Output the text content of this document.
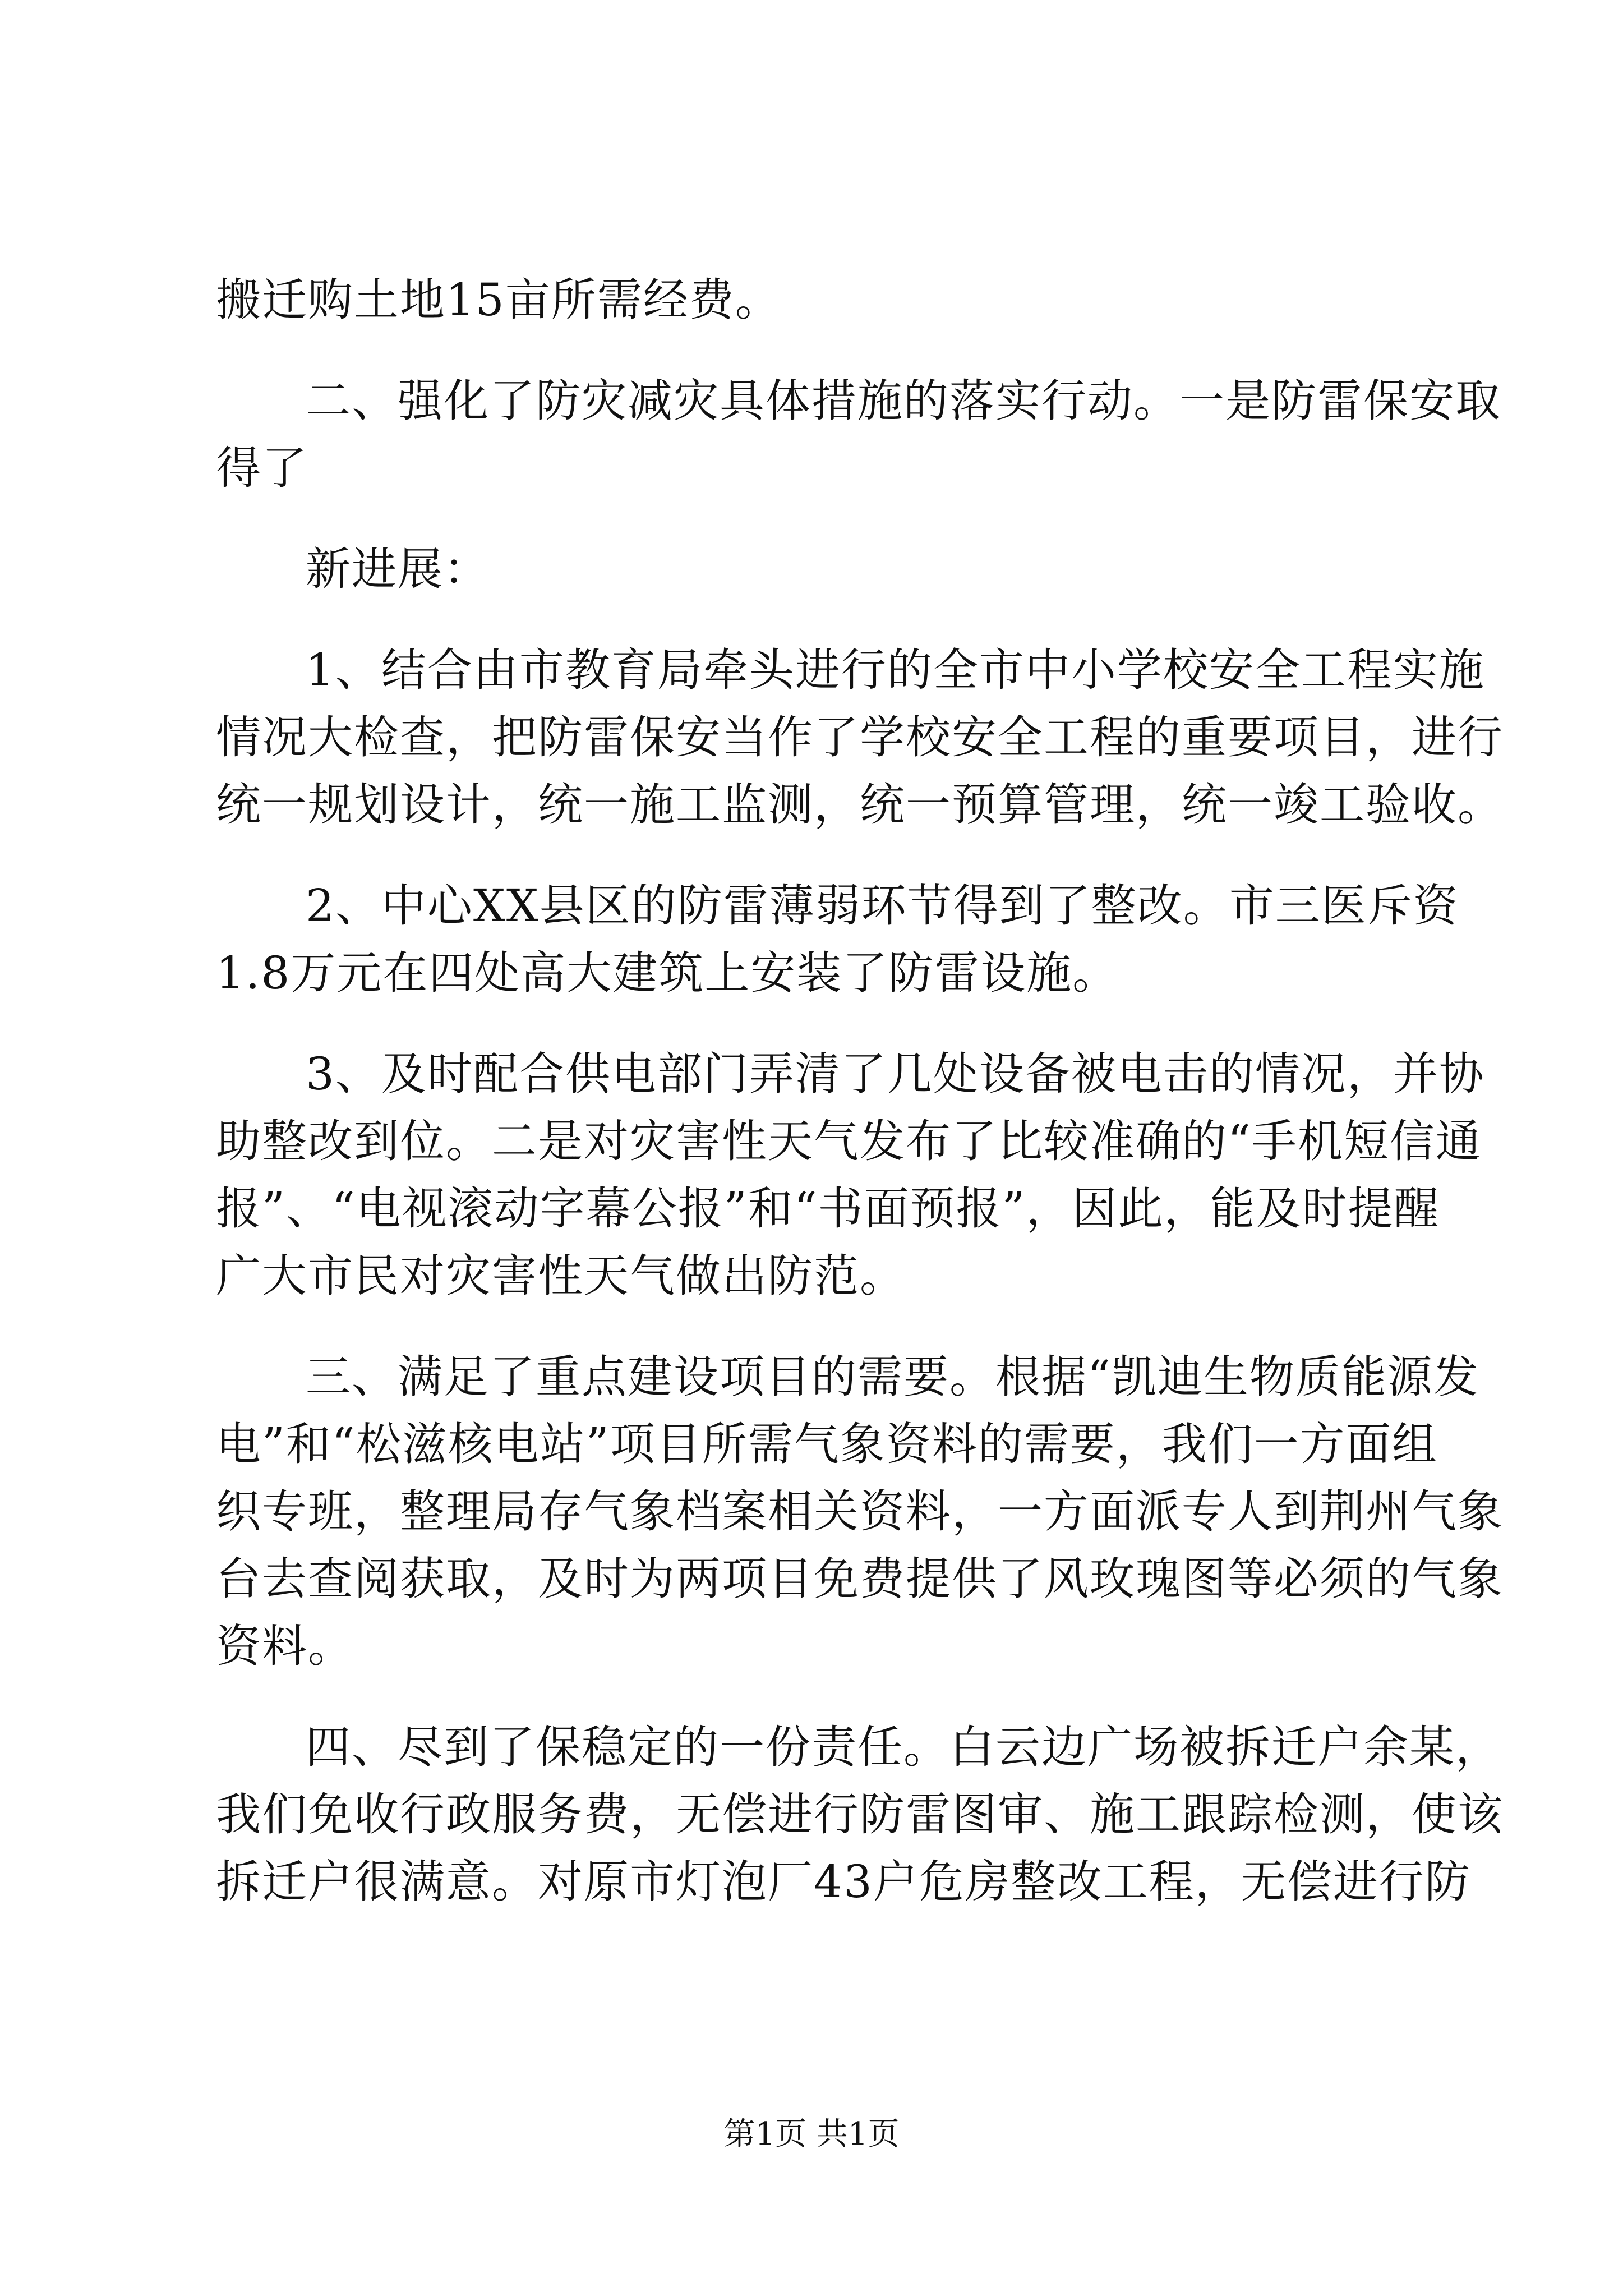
搬迁购土地15亩所需经费。
二、强化了防灾减灾具体措施的落实行动。一是防雷保安取
得了
新进展：
1、结合由市教育局牵头进行的全市中小学校安全工程实施
情况大检查，把防雷保安当作了学校安全工程的重要项目，进行
统一规划设计，统一施工监测，统一预算管理，统一竣工验收。
2、中心XX县区的防雷薄弱环节得到了整改。市三医斥资
1.8万元在四处高大建筑上安装了防雷设施。
3、及时配合供电部门弄清了几处设备被电击的情况，并协
助整改到位。二是对灾害性天气发布了比较准确的“手机短信通
报”、“电视滚动字幕公报”和“书面预报”，因此，能及时提醒
广大市民对灾害性天气做出防范。
三、满足了重点建设项目的需要。根据“凯迪生物质能源发
电”和“松滋核电站”项目所需气象资料的需要，我们一方面组
织专班，整理局存气象档案相关资料，一方面派专人到荆州气象
台去查阅获取，及时为两项目免费提供了风玫瑰图等必须的气象
资料。
四、尽到了保稳定的一份责任。白云边广场被拆迁户余某，
我们免收行政服务费，无偿进行防雷图审、施工跟踪检测，使该
拆迁户很满意。对原市灯泡厂43户危房整改工程，无偿进行防
第1页 共1页
